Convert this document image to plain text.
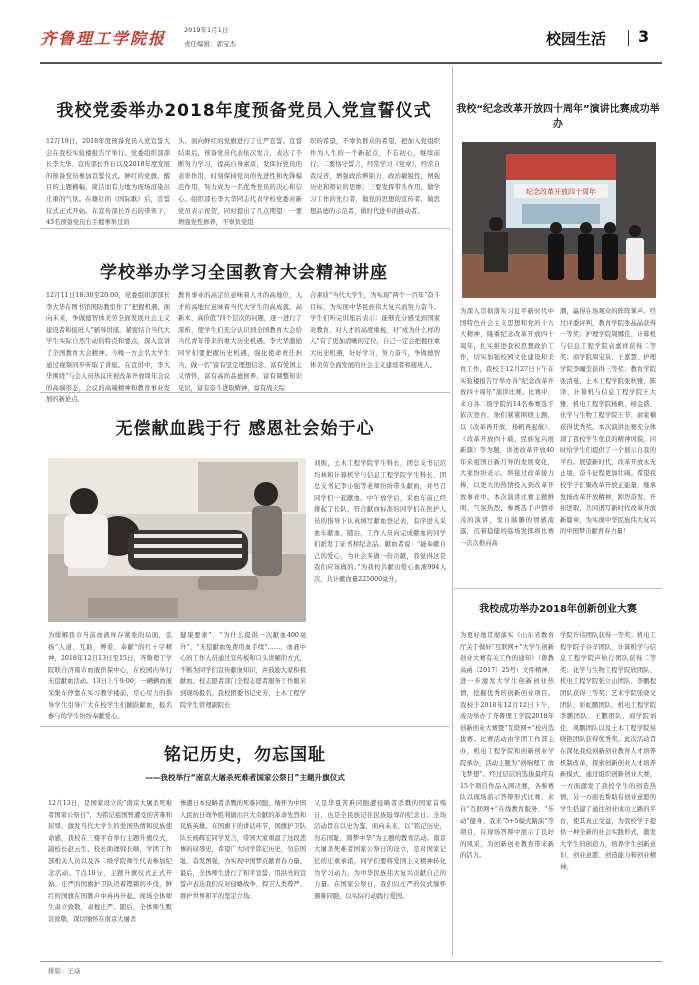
齐鲁理工学院报	2019年1月1日
责任编辑：郭宝杰	校园生活 3
我校党委举办2018年度预备党员入党宣誓仪式
12月19日，2018年度预备党员入党宣誓大会在我校实验楼报告厅举行。党委组织部部长李大华、宣传部长乔石以及2018年度发展的预备党员参加宣誓仪式。鲜红的党旗，醒目的主题横幅，简洁而有力地为现场渲染出庄重的气氛。在雄壮的《国际歌》后，宣誓仪式正式开始。在宣传部长乔石的带领下，45名预备党员右手握拳举过肩
头，面向鲜红的党旗进行了庄严宣誓。宣誓结束后，预备党员代表依次发言，表达了不断努力学习，提高自身素质，发挥好党员的表率作用，时刻保持党员的先进性和先锋模范作用，努力成为一名优秀党员的决心和信心。组织部长李大华同志代表学校党委对新党员表示祝贺，同时提出了几点期望：一要增强党性修养，不辜负党组
织的希望，不辜负群众的希望，把加入党组织作为人生的一个新起点，不忘初心，继续前行；二要恪守誓言，经常学习《党章》，经常自我反省，增强政治辨别力、政治敏锐性，增强历史和辩证的思维；三要发挥带头作用，做学习工作的先行者，做党的思想的宣传者，做思想品德的示范者，做时代进步的推动者。
学校举办学习全国教育大会精神讲座
12月11日18:30至20:00，党委组织部部长李大华在图书馆国防教室作了“把握机遇，面向未来，争做德智体美劳全面发展社会主义建设者和接班人”辅导讲座。紧密结合当代大学生实际自然生动的特点和要点，深入宣讲了全国教育大会精神。今晚一方会名大学生通过视频同步听取了讲座。在宣讲中，李大华围绕“与会人员热议庆祝改革开放周年会议的高端形态，会议的高端精神和教育事业发展的新论点，
教育事业的高定位意味着人才的高地位，人才的高地位意味着当代大学生的高成就。高新术、高价值”四个层次的问题，逐一进行了深析，使学生们充分认识到全国教育大会给当代青年带来的重大历史机遇。李大华激励同学们要把握历史机遇，强化使命责任担当，做一名“富有坚定理想信念、富有爱国主义情怀，富有高尚品德修养，富有调整知识见识，富有奋斗进取精神，富有战天综
合素质”当代大学生，为实现“两个一百年”奋斗目标，为实现中华民族伟大复兴而努力奋斗。学生们听完讲座后表示：能够充分感受到国家对教育、对人才的高度重视，对“成为什么样的人”有了更加清晰的定位，自己一定会把握住重大历史机遇，好好学习，努力奋斗，争做德智体美劳全面发展的社会主义建设者和接班人。
无偿献血践于行 感恩社会始于心
刘振，土木工程学院学生科长，团总支书记范均林和计算机学与信息工程学院学生科长、团总支书记李小强等老师纷纷带头献血，并号召同学们一起献血。中午放学后，采血车前已经排起了长队，符合献血标准的同学们在医护人员的指导下认真填写献血登记表，有序进入采血车献血。随后，工作人员向完成献血的同学们派发了证书和纪念品。献血者说：“能奉献自己的爱心，为社会多做一份贡献，我觉得这是我们应该做的。”为我校共献出爱心血液994人次，共计献血量225000毫升。
为缓解我市当前血液库存紧张的局面，弘扬“人道、互助、博爱、奉献”的红十字精神，2018年12月13日至15日，齐鲁理工学院联合济南市血液供保中心，在校园内举行无偿献血活动。13日上午9:00，一辆辆血液采集车停靠在实习教学楼前，尽心尽力的指导学生引导广大在校学生们踊跃献血，报名参与的学生纷纷奉献爱心。
健康要素”、“为什么提倡一次献血400毫升”、“无偿献血免费用血手续”……，血液中心的工作人员通过宣传板和口头讲解的方式，不断为同学们宣传献血知识，并鼓励大家积极献血。校志愿者部门全程志愿者服务工作服来到现场报名。我校团委书记史芳，土木工程学院学生管理副院长
铭记历史，勿忘国耻
——我校举行“南京大屠杀死难者国家公祭日”主题升旗仪式
12月13日，是国家设立的“南京大屠杀死难者国家公祭日”，为铭记祖国曾遭受的苦难和屈辱，激发当代大学生的爱国热情和民族使命感，我校在三楼平台举行主题升旗仪式，副校长赵云生，校长助理韩长顺，学团工作部相关人员以及各二级学院师生代表参加纪念活动。7点10分，主题升旗仪式正式开始。庄严的国旗护卫队迈着铿锵的步伐，鲜红的国旗在国歌声中冉冉升起。现场全体师生肃立致敬，肃穆庄严。随后，全体师生默哀致敬，深切缅怀在南京大屠杀
惨遭日本侵略者杀戮的死难同胞，缅怀为中国人民抗日战争胜利做出巨大贡献的革命先烈和民族英雄。在国旗下的讲话环节，国旗护卫队队长杨辉宏同学发言，带领大家重温了这段悲惨的屈辱史，希望广大同学铭记历史，勿忘国耻，奋发图强，为实现中国梦贡献青春力量。最后，全体师生进行了和平宣誓，用洪亮的宣誓声表达我们反对侵略战争、捍卫人类尊严、维护世界和平的坚定立场。
又是华夏苦难同胞遭侵略者杀戮的国家首殇日，也是全民族记住民族耻辱的纪念日。全场活动旨在以史为鉴，面向未来，以“铭记历史，勿忘国耻，圆梦中华”为主题的教育活动。南京大屠杀死难者国家公祭日的设立，是对国家记忆的庄重承诺，同学们要将爱国主义精神转化为学习动力，为中华民族伟大复兴贡献自己的力量。在国家公祭日，我们以庄严的仪式缅怀遇难同胞，以实际行动践行爱国。
我校“纪念改革开放四十周年”演讲比赛成功举办
纪念改革开放四十周年
为深入贯彻落实习近平新时代中国特色社会主义思想和党的十九大精神，隆重纪念改革开放四十周年，扎实推进我校思想政治工作，切实加强校园文化建设和美育工作，我校于12月27日下午在实验楼报告厅举办各“纪念改革开放四十周年”演讲比赛。比赛中，来自各二级学院的14名参赛选手依次登台，他们紧紧围绕主题，以《改革再开放，扬帆再起航》、《改革开放四十载，民族复兴展新颜》等为题，讲述改革开放40年来祖国日新月异的发展变化，大家纷纷表示，将接过改革接力棒，以更大的热情投入到改革开放事业中。本次演讲比赛主题鲜明、气氛热烈，参赛选手声情并茂的演讲，发自肺腑的情感流露，沉着稳健的临场发挥将比赛一次次推向高
潮，赢得在场观众的阵阵掌声。经过评委评判，教育学院张晶晶获得一等奖；护理学院周娜佳、计算机与信息工程学院袁嘉祥获得二等奖；商学院周宝泉、王嘉慧、护理学院李曈莹获得三等奖；教育学院张清曼、土木工程学院张秋雅、陈泽、计算机与信息工程学院王大雅、机电工程学院杨帆、杨金盛、化学与生物工程学院王节、俞家楠获得优秀奖。本次演讲比赛充分体现了我校学生优良的精神风貌，同时给学生们提供了一个展示自我的平台。展望新时代，改革开放永无止境，奋斗征程更加壮阔。希望我校学子汇聚改革开放正能量，继承发扬改革开放精神，踔厉奋发、开拓进取，共同谱写新时代改革开放新篇章，为实现中华民族伟大复兴的中国梦贡献青春力量！
我校成功举办2018年创新创业大赛
为更好地贯彻落实《山东省教育厅关于做好“互联网+”大学生创新创业大赛有关工作的通知》（鲁教高函〔2017〕25号）文件精神，进一步激发大学生创新创业热情，挖掘优秀的创新创业项目。我校于2018年12月12日下午，成功举办了齐鲁理工学院2018年创新创业大赛暨“互联网+”校内选拔赛。比赛活动由学团工作部主办，机电工程学院和创新创业学院承办，活动主题为“创响理工 放飞梦想”。经过层层的选拔最终有15个项目作品入围决赛，各参赛队以现场演示答辩形式比赛，来自“互联网+”在线教育服务、“乐动”健身、我来“5+5模式路演”等项目，在现场答辩中展示了良好的风采，为创新创业教育带来新的活力。
学院许伟团队获得一等奖；机电工程学院子谷辛团队、计算机学与信息工程学院声轨行团队获得二等奖；化学与生物工程学院欣团队、机电工程学院张立山团队、李鹏程团队获得三等奖；艺术学院张晓文团队、彩虹鹏团队、机电工程学院李鹏团队、王鹏团队、商学院刘佳、风鹏团队以及土木工程学院侯晓艳团队获得优秀奖。此次活动旨在深化我校创新创业教育人才培养机制改革，探索创新创业人才培养新模式，通过组织创新创业大赛，一方面激发了我校学生的创造热情，另一方面也帮助有创业意愿的学生搭建了通往创业成功之路的平台，使其真正受益，为我校学子提供一种全新的社会实践形式，激发大学生的创造力，培养学生创新意识、创业意愿、创造能力和创业精神。
排版：王焱
